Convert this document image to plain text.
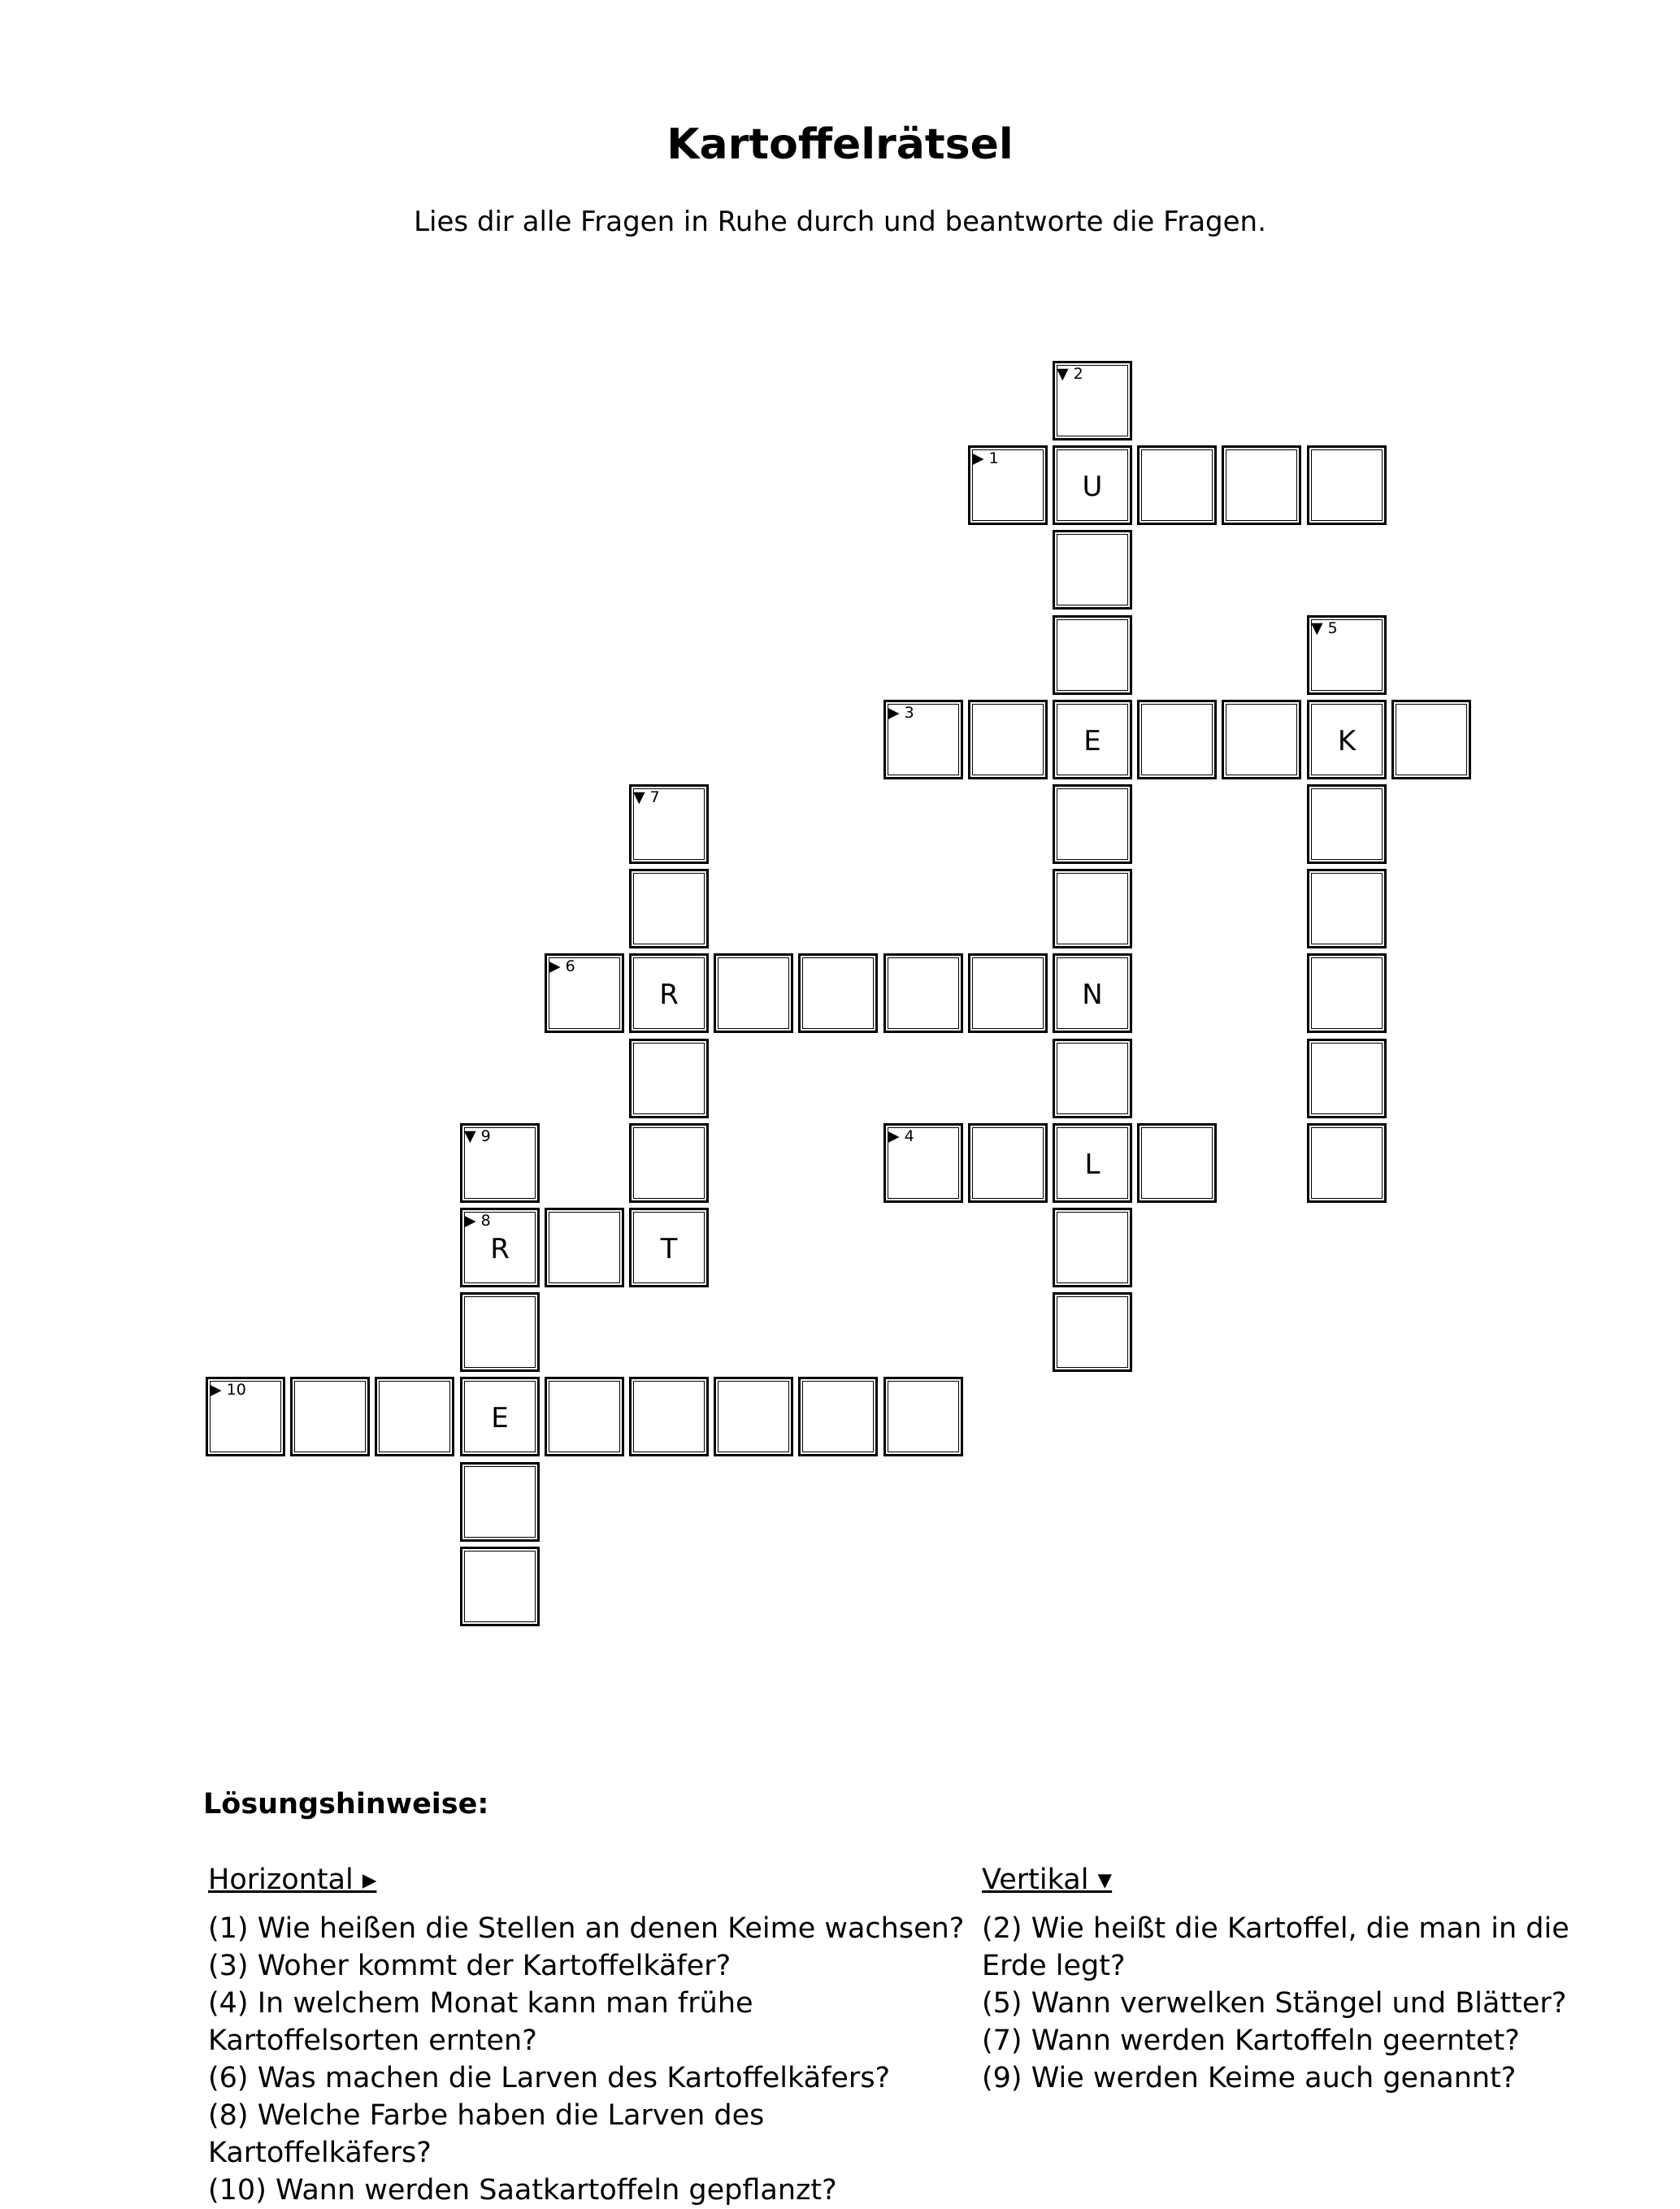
Kartoffelrätsel

Lies dir alle Fragen in Ruhe durch und beantworte die Fragen.

▶ 1
U
▼ 2
E
N
L
▶ 3
K
▶ 4
▼ 5
▶ 6
R
▼ 7
T
▶ 8
R
▼ 9
E
▶ 10
Lösungshinweise:
Horizontal ▸

(1) Wie heißen die Stellen an denen Keime wachsen?

(3) Woher kommt der Kartoffelkäfer?

(4) In welchem Monat kann man frühe Kartoffelsorten ernten?

(6) Was machen die Larven des Kartoffelkäfers?

(8) Welche Farbe haben die Larven des Kartoffelkäfers?

(10) Wann werden Saatkartoffeln gepflanzt?

Vertikal ▾

(2) Wie heißt die Kartoffel, die man in die Erde legt?

(5) Wann verwelken Stängel und Blätter?

(7) Wann werden Kartoffeln geerntet?

(9) Wie werden Keime auch genannt?
